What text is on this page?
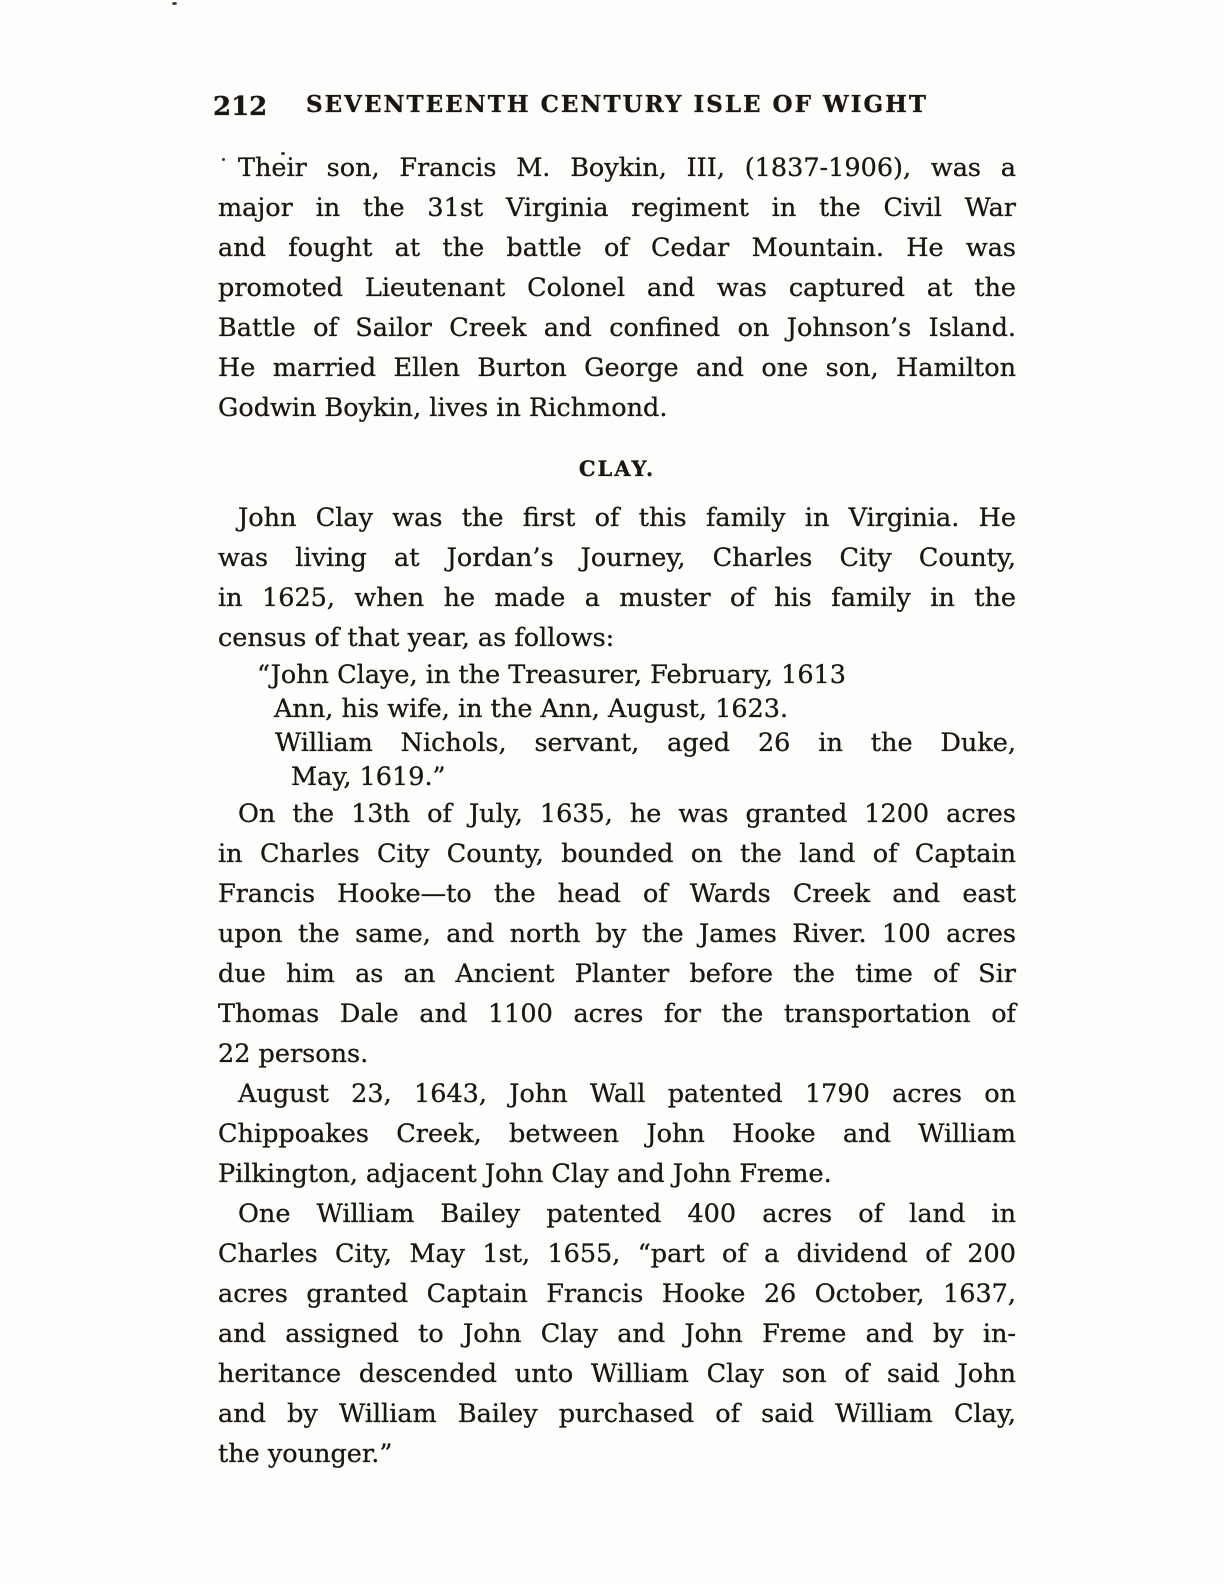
212	SEVENTEENTH CENTURY ISLE OF WIGHT
Their son, Francis M. Boykin, III, (1837-1906), was a
major in the 31st Virginia regiment in the Civil War
and fought at the battle of Cedar Mountain. He was
promoted Lieutenant Colonel and was captured at the
Battle of Sailor Creek and confined on Johnson’s Island.
He married Ellen Burton George and one son, Hamilton
Godwin Boykin, lives in Richmond.
CLAY.
John Clay was the first of this family in Virginia. He
was living at Jordan’s Journey, Charles City County,
in 1625, when he made a muster of his family in the
census of that year, as follows:
“John Claye, in the Treasurer, February, 1613
Ann, his wife, in the Ann, August, 1623.
William Nichols, servant, aged 26 in the Duke,
May, 1619.”
On the 13th of July, 1635, he was granted 1200 acres
in Charles City County, bounded on the land of Captain
Francis Hooke—to the head of Wards Creek and east
upon the same, and north by the James River. 100 acres
due him as an Ancient Planter before the time of Sir
Thomas Dale and 1100 acres for the transportation of
22 persons.
August 23, 1643, John Wall patented 1790 acres on
Chippoakes Creek, between John Hooke and William
Pilkington, adjacent John Clay and John Freme.
One William Bailey patented 400 acres of land in
Charles City, May 1st, 1655, “part of a dividend of 200
acres granted Captain Francis Hooke 26 October, 1637,
and assigned to John Clay and John Freme and by in-
heritance descended unto William Clay son of said John
and by William Bailey purchased of said William Clay,
the younger.”
